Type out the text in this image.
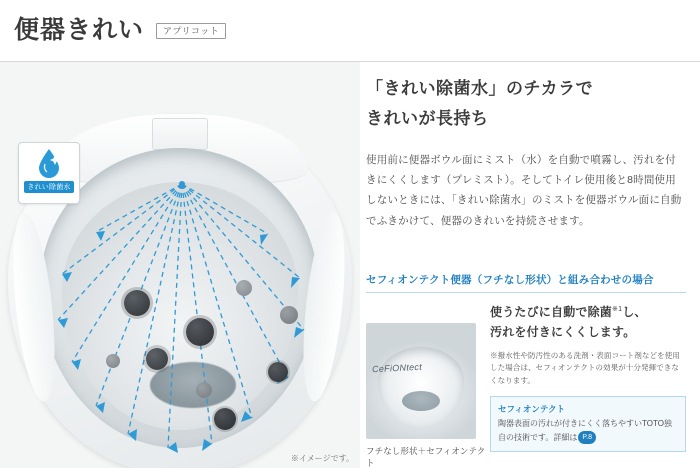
便器きれい	アプリコット
※イメージです。
きれい除菌水
「きれい除菌水」のチカラで
きれいが長持ち
使用前に便器ボウル面にミスト（水）を自動で噴霧し、汚れを付きにくくします（プレミスト）。そしてトイレ使用後と8時間使用しないときには、「きれい除菌水」のミストを便器ボウル面に自動でふきかけて、便器のきれいを持続させます。
セフィオンテクト便器（フチなし形状）と組み合わせの場合
CeFiONtect
フチなし形状＋セフィオンテクト
使うたびに自動で除菌$^{※1}$し、
汚れを付きにくくします。
※撥水性や防汚性のある洗剤・表面コート剤などを使用した場合は、セフィオンテクトの効果が十分発揮できなくなります。
セフィオンテクト
陶器表面の汚れが付きにくく落ちやすいTOTO独自の技術です。詳細は P.8
